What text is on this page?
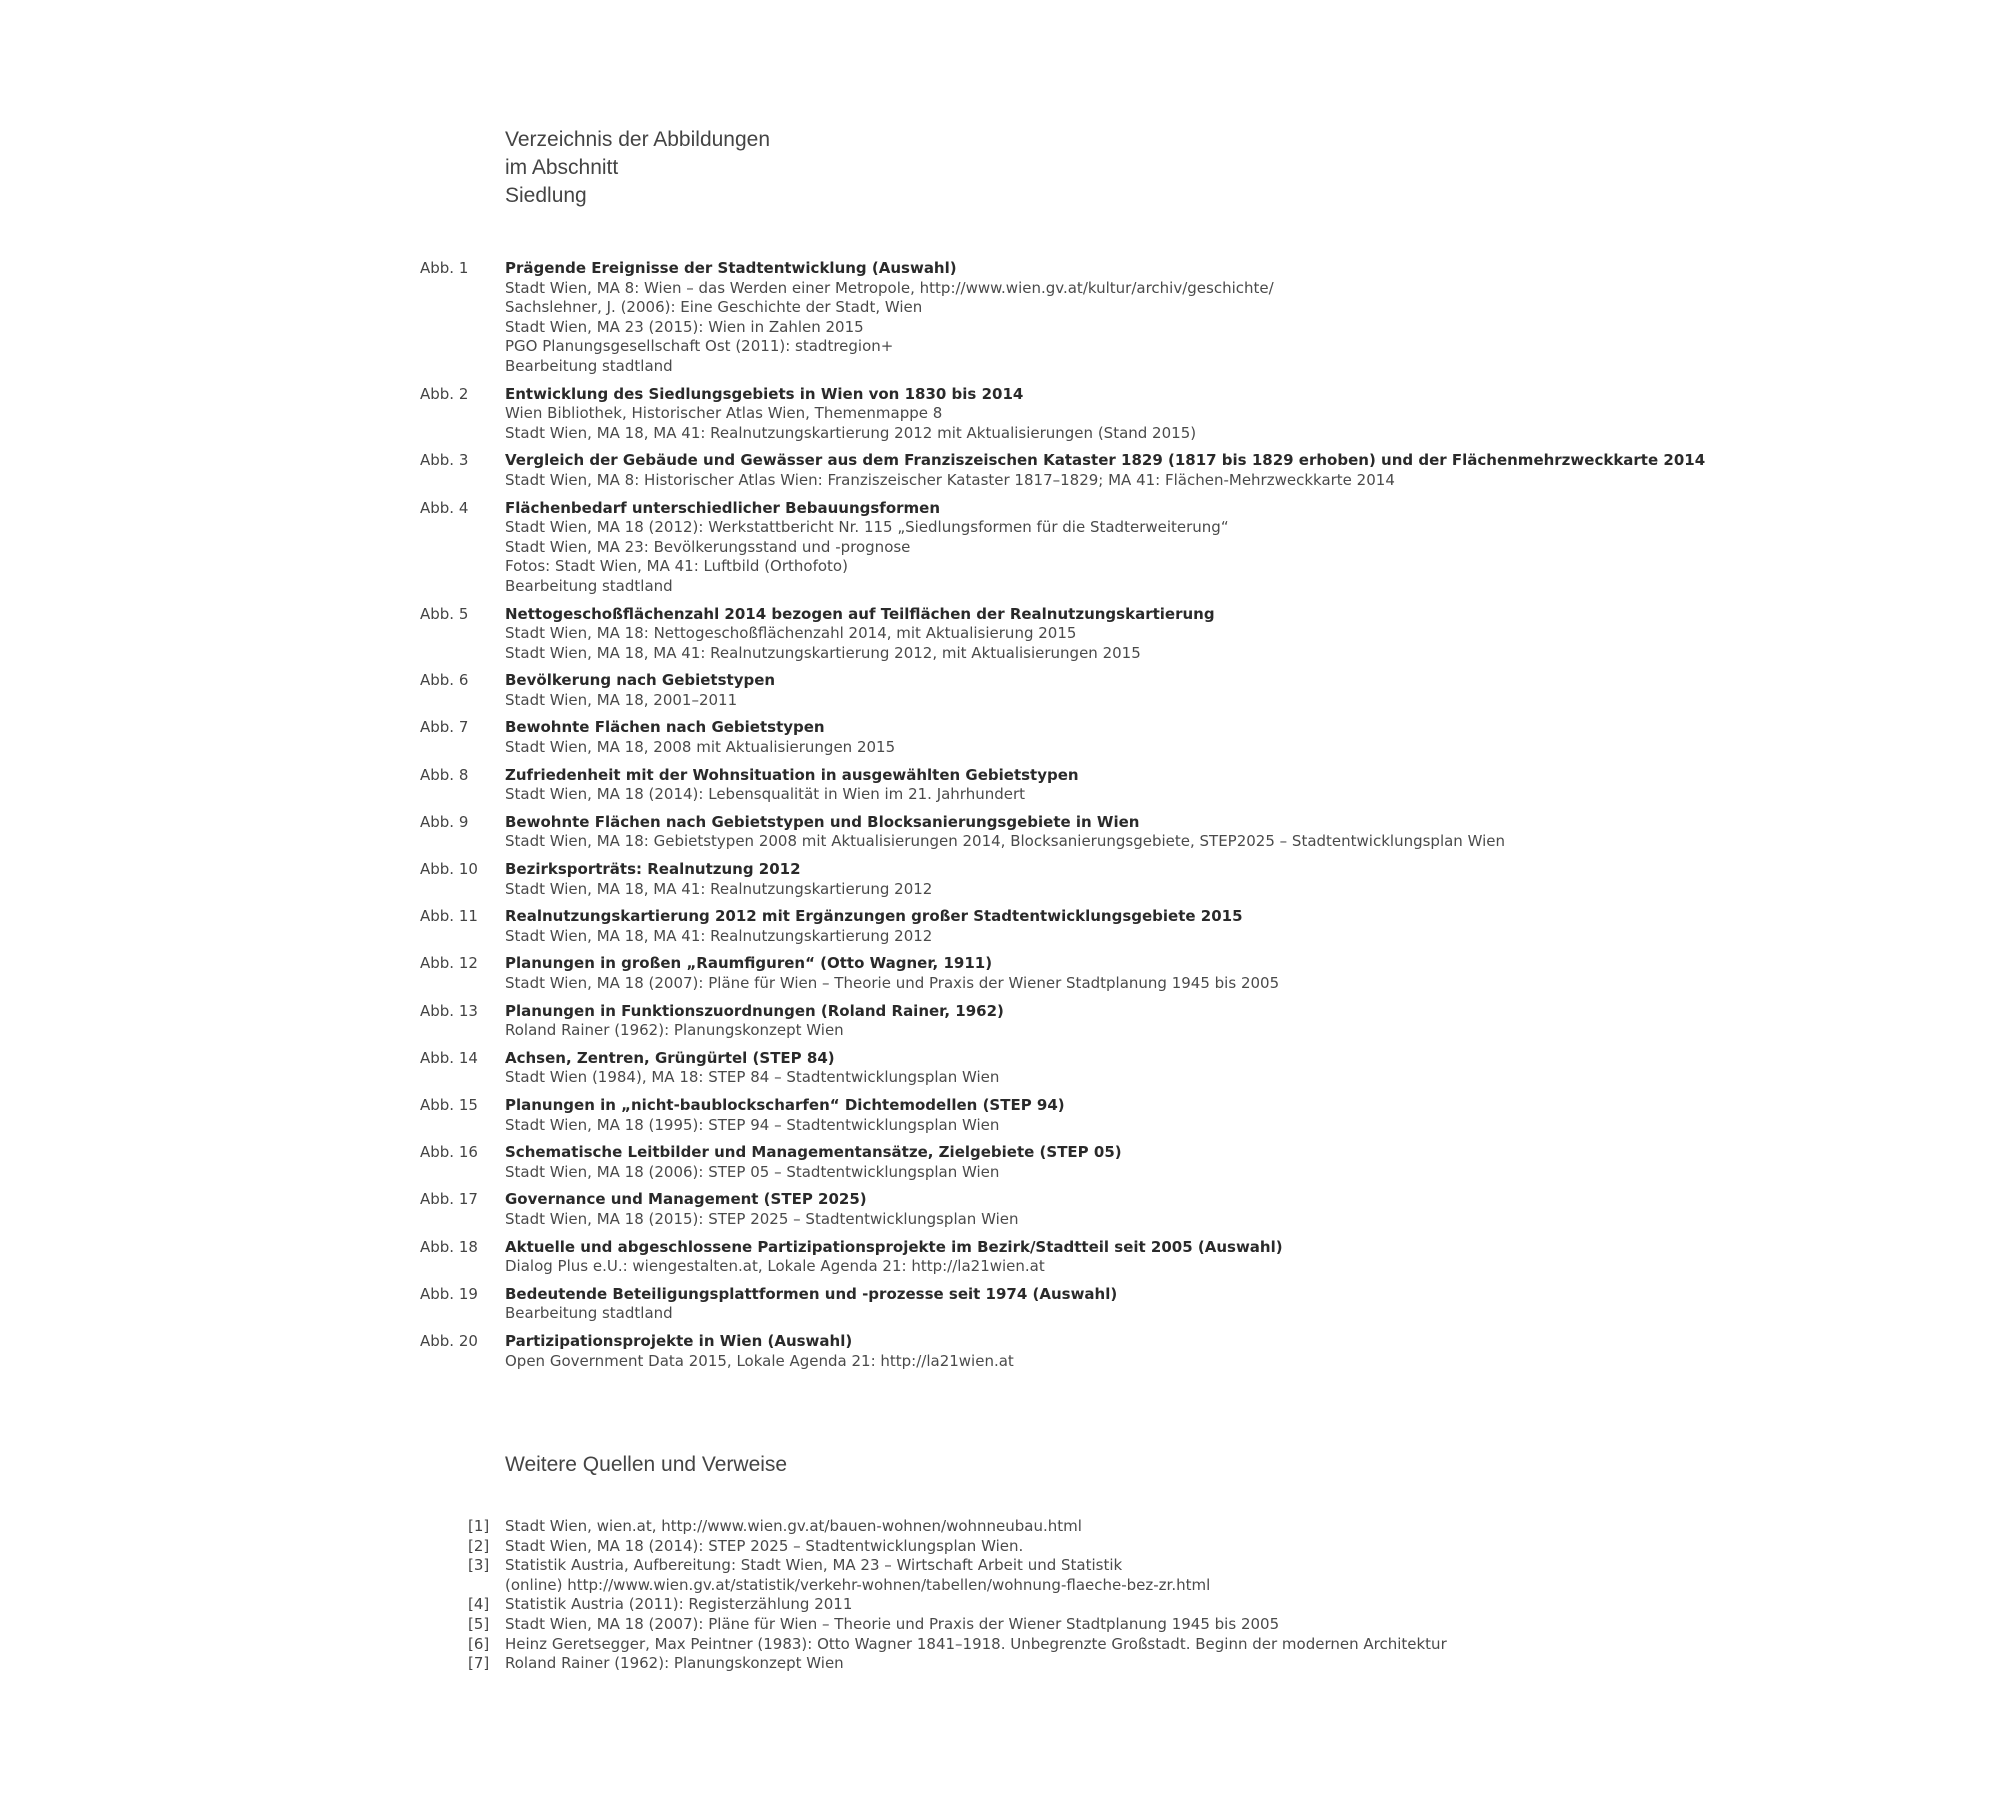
Verzeichnis der Abbildungen
im Abschnitt
Siedlung
Abb. 1	Prägende Ereignisse der Stadtentwicklung (Auswahl)
Stadt Wien, MA 8: Wien – das Werden einer Metropole, http://www.wien.gv.at/kultur/archiv/geschichte/
Sachslehner, J. (2006): Eine Geschichte der Stadt, Wien
Stadt Wien, MA 23 (2015): Wien in Zahlen 2015
PGO Planungsgesellschaft Ost (2011): stadtregion+
Bearbeitung stadtland
Abb. 2	Entwicklung des Siedlungsgebiets in Wien von 1830 bis 2014
Wien Bibliothek, Historischer Atlas Wien, Themenmappe 8
Stadt Wien, MA 18, MA 41: Realnutzungskartierung 2012 mit Aktualisierungen (Stand 2015)
Abb. 3	Vergleich der Gebäude und Gewässer aus dem Franziszeischen Kataster 1829 (1817 bis 1829 erhoben) und der Flächenmehrzweckkarte 2014
Stadt Wien, MA 8: Historischer Atlas Wien: Franziszeischer Kataster 1817–1829; MA 41: Flächen-Mehrzweckkarte 2014
Abb. 4	Flächenbedarf unterschiedlicher Bebauungsformen
Stadt Wien, MA 18 (2012): Werkstattbericht Nr. 115 „Siedlungsformen für die Stadterweiterung“
Stadt Wien, MA 23: Bevölkerungsstand und -prognose
Fotos: Stadt Wien, MA 41: Luftbild (Orthofoto)
Bearbeitung stadtland
Abb. 5	Nettogeschoßflächenzahl 2014 bezogen auf Teilflächen der Realnutzungskartierung
Stadt Wien, MA 18: Nettogeschoßflächenzahl 2014, mit Aktualisierung 2015
Stadt Wien, MA 18, MA 41: Realnutzungskartierung 2012, mit Aktualisierungen 2015
Abb. 6	Bevölkerung nach Gebietstypen
Stadt Wien, MA 18, 2001–2011
Abb. 7	Bewohnte Flächen nach Gebietstypen
Stadt Wien, MA 18, 2008 mit Aktualisierungen 2015
Abb. 8	Zufriedenheit mit der Wohnsituation in ausgewählten Gebietstypen
Stadt Wien, MA 18 (2014): Lebensqualität in Wien im 21. Jahrhundert
Abb. 9	Bewohnte Flächen nach Gebietstypen und Blocksanierungsgebiete in Wien
Stadt Wien, MA 18: Gebietstypen 2008 mit Aktualisierungen 2014, Blocksanierungsgebiete, STEP2025 – Stadtentwicklungsplan Wien
Abb. 10	Bezirksporträts: Realnutzung 2012
Stadt Wien, MA 18, MA 41: Realnutzungskartierung 2012
Abb. 11	Realnutzungskartierung 2012 mit Ergänzungen großer Stadtentwicklungsgebiete 2015
Stadt Wien, MA 18, MA 41: Realnutzungskartierung 2012
Abb. 12	Planungen in großen „Raumfiguren“ (Otto Wagner, 1911)
Stadt Wien, MA 18 (2007): Pläne für Wien – Theorie und Praxis der Wiener Stadtplanung 1945 bis 2005
Abb. 13	Planungen in Funktionszuordnungen (Roland Rainer, 1962)
Roland Rainer (1962): Planungskonzept Wien
Abb. 14	Achsen, Zentren, Grüngürtel (STEP 84)
Stadt Wien (1984), MA 18: STEP 84 – Stadtentwicklungsplan Wien
Abb. 15	Planungen in „nicht-baublockscharfen“ Dichtemodellen (STEP 94)
Stadt Wien, MA 18 (1995): STEP 94 – Stadtentwicklungsplan Wien
Abb. 16	Schematische Leitbilder und Managementansätze, Zielgebiete (STEP 05)
Stadt Wien, MA 18 (2006): STEP 05 – Stadtentwicklungsplan Wien
Abb. 17	Governance und Management (STEP 2025)
Stadt Wien, MA 18 (2015): STEP 2025 – Stadtentwicklungsplan Wien
Abb. 18	Aktuelle und abgeschlossene Partizipationsprojekte im Bezirk/Stadtteil seit 2005 (Auswahl)
Dialog Plus e.U.: wiengestalten.at, Lokale Agenda 21: http://la21wien.at
Abb. 19	Bedeutende Beteiligungsplattformen und -prozesse seit 1974 (Auswahl)
Bearbeitung stadtland
Abb. 20	Partizipationsprojekte in Wien (Auswahl)
Open Government Data 2015, Lokale Agenda 21: http://la21wien.at
Weitere Quellen und Verweise
[1]	Stadt Wien, wien.at, http://www.wien.gv.at/bauen-wohnen/wohnneubau.html
[2]	Stadt Wien, MA 18 (2014): STEP 2025 – Stadtentwicklungsplan Wien.
[3]	Statistik Austria, Aufbereitung: Stadt Wien, MA 23 – Wirtschaft Arbeit und Statistik
(online) http://www.wien.gv.at/statistik/verkehr-wohnen/tabellen/wohnung-flaeche-bez-zr.html
[4]	Statistik Austria (2011): Registerzählung 2011
[5]	Stadt Wien, MA 18 (2007): Pläne für Wien – Theorie und Praxis der Wiener Stadtplanung 1945 bis 2005
[6]	Heinz Geretsegger, Max Peintner (1983): Otto Wagner 1841–1918. Unbegrenzte Großstadt. Beginn der modernen Architektur
[7]	Roland Rainer (1962): Planungskonzept Wien
